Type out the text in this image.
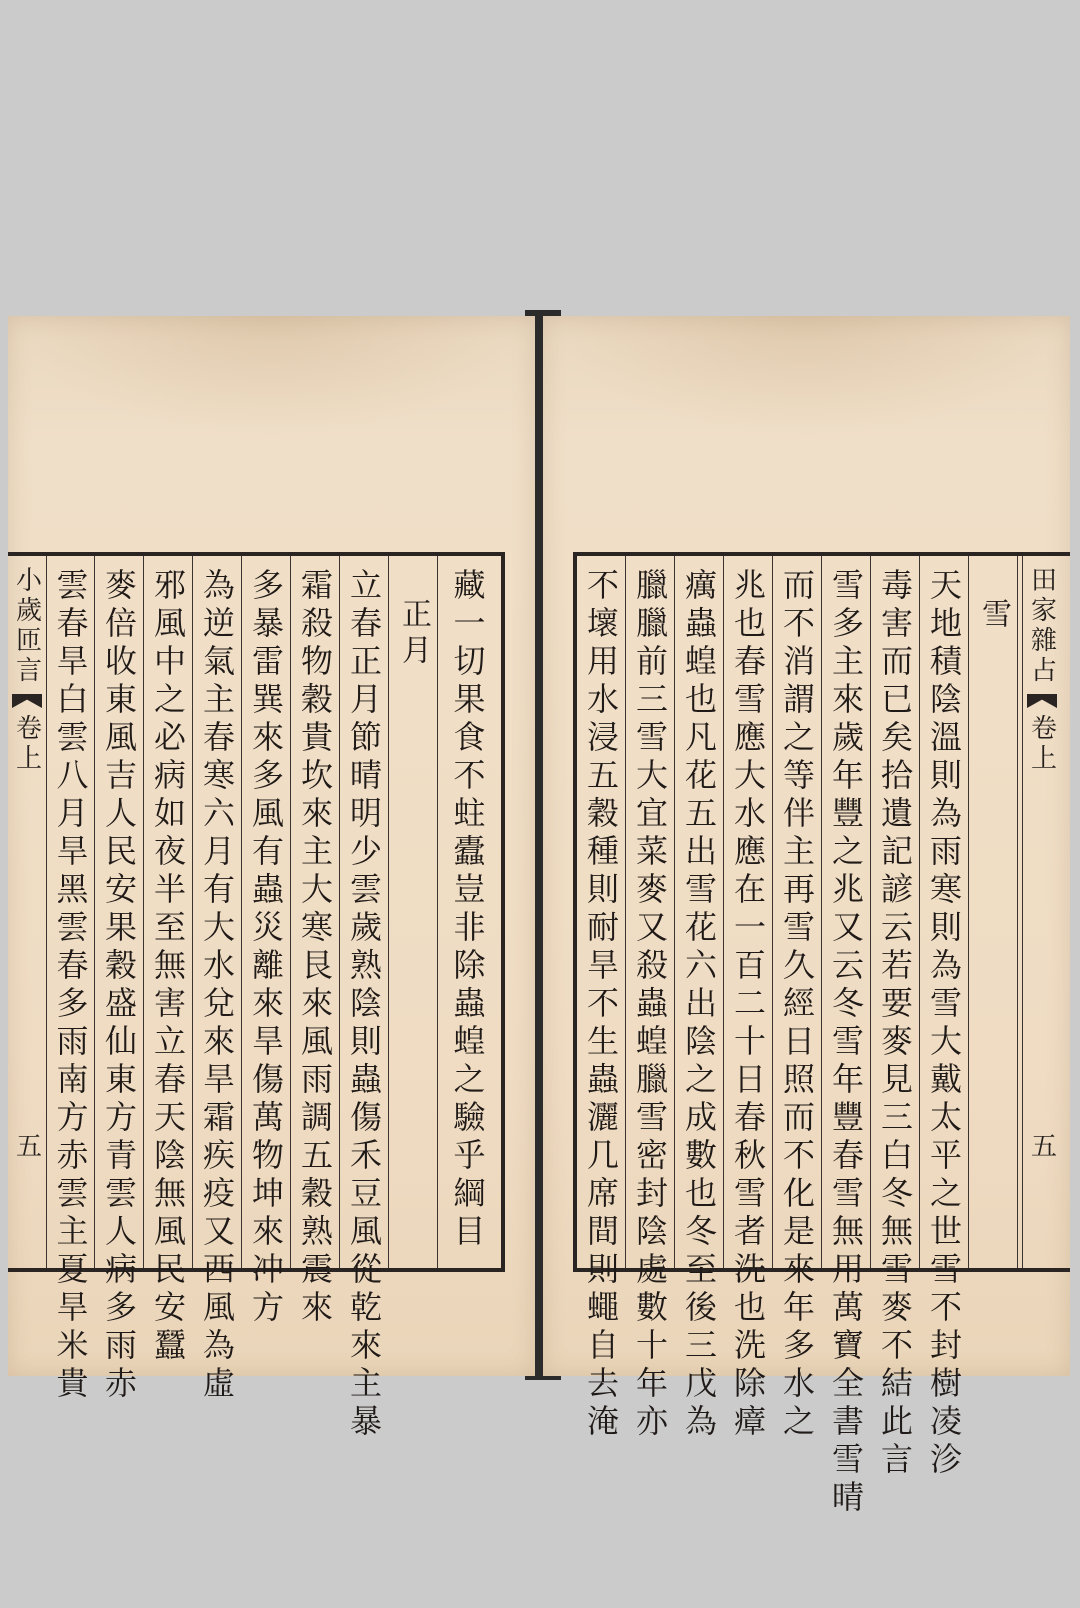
小歲匝言
卷上
五 雲春旱白雲八月旱黑雲春多雨南方赤雲主夏旱米貴 麥倍收東風吉人民安果穀盛仙東方青雲人病多雨赤 邪風中之必病如夜半至無害立春天陰無風民安蠶 為逆氣主春寒六月有大水兌來旱霜疾疫又西風為虛 多暴雷巽來多風有蟲災離來旱傷萬物坤來冲方 霜殺物穀貴坎來主大寒艮來風雨調五穀熟震來 立春正月節晴明少雲歲熟陰則蟲傷禾豆風從乾來主暴 正月 藏一切果食不蛀蠹豈非除蟲蝗之驗乎綱目	不壞用水浸五穀種則耐旱不生蟲灑几席間則蠅自去淹 臘臘前三雪大宜菜麥又殺蟲蝗臘雪密封陰處數十年亦 癘蟲蝗也凡花五出雪花六出陰之成數也冬至後三戊為 兆也春雪應大水應在一百二十日春秋雪者洗也洗除瘴 而不消謂之等伴主再雪久經日照而不化是來年多水之 雪多主來歲年豐之兆又云冬雪年豐春雪無用萬寶全書雪晴 毒害而已矣拾遺記諺云若要麥見三白冬無雪麥不結此言 天地積陰溫則為雨寒則為雪大戴太平之世雪不封樹凌沴 雪 田家雜占
卷上
五
